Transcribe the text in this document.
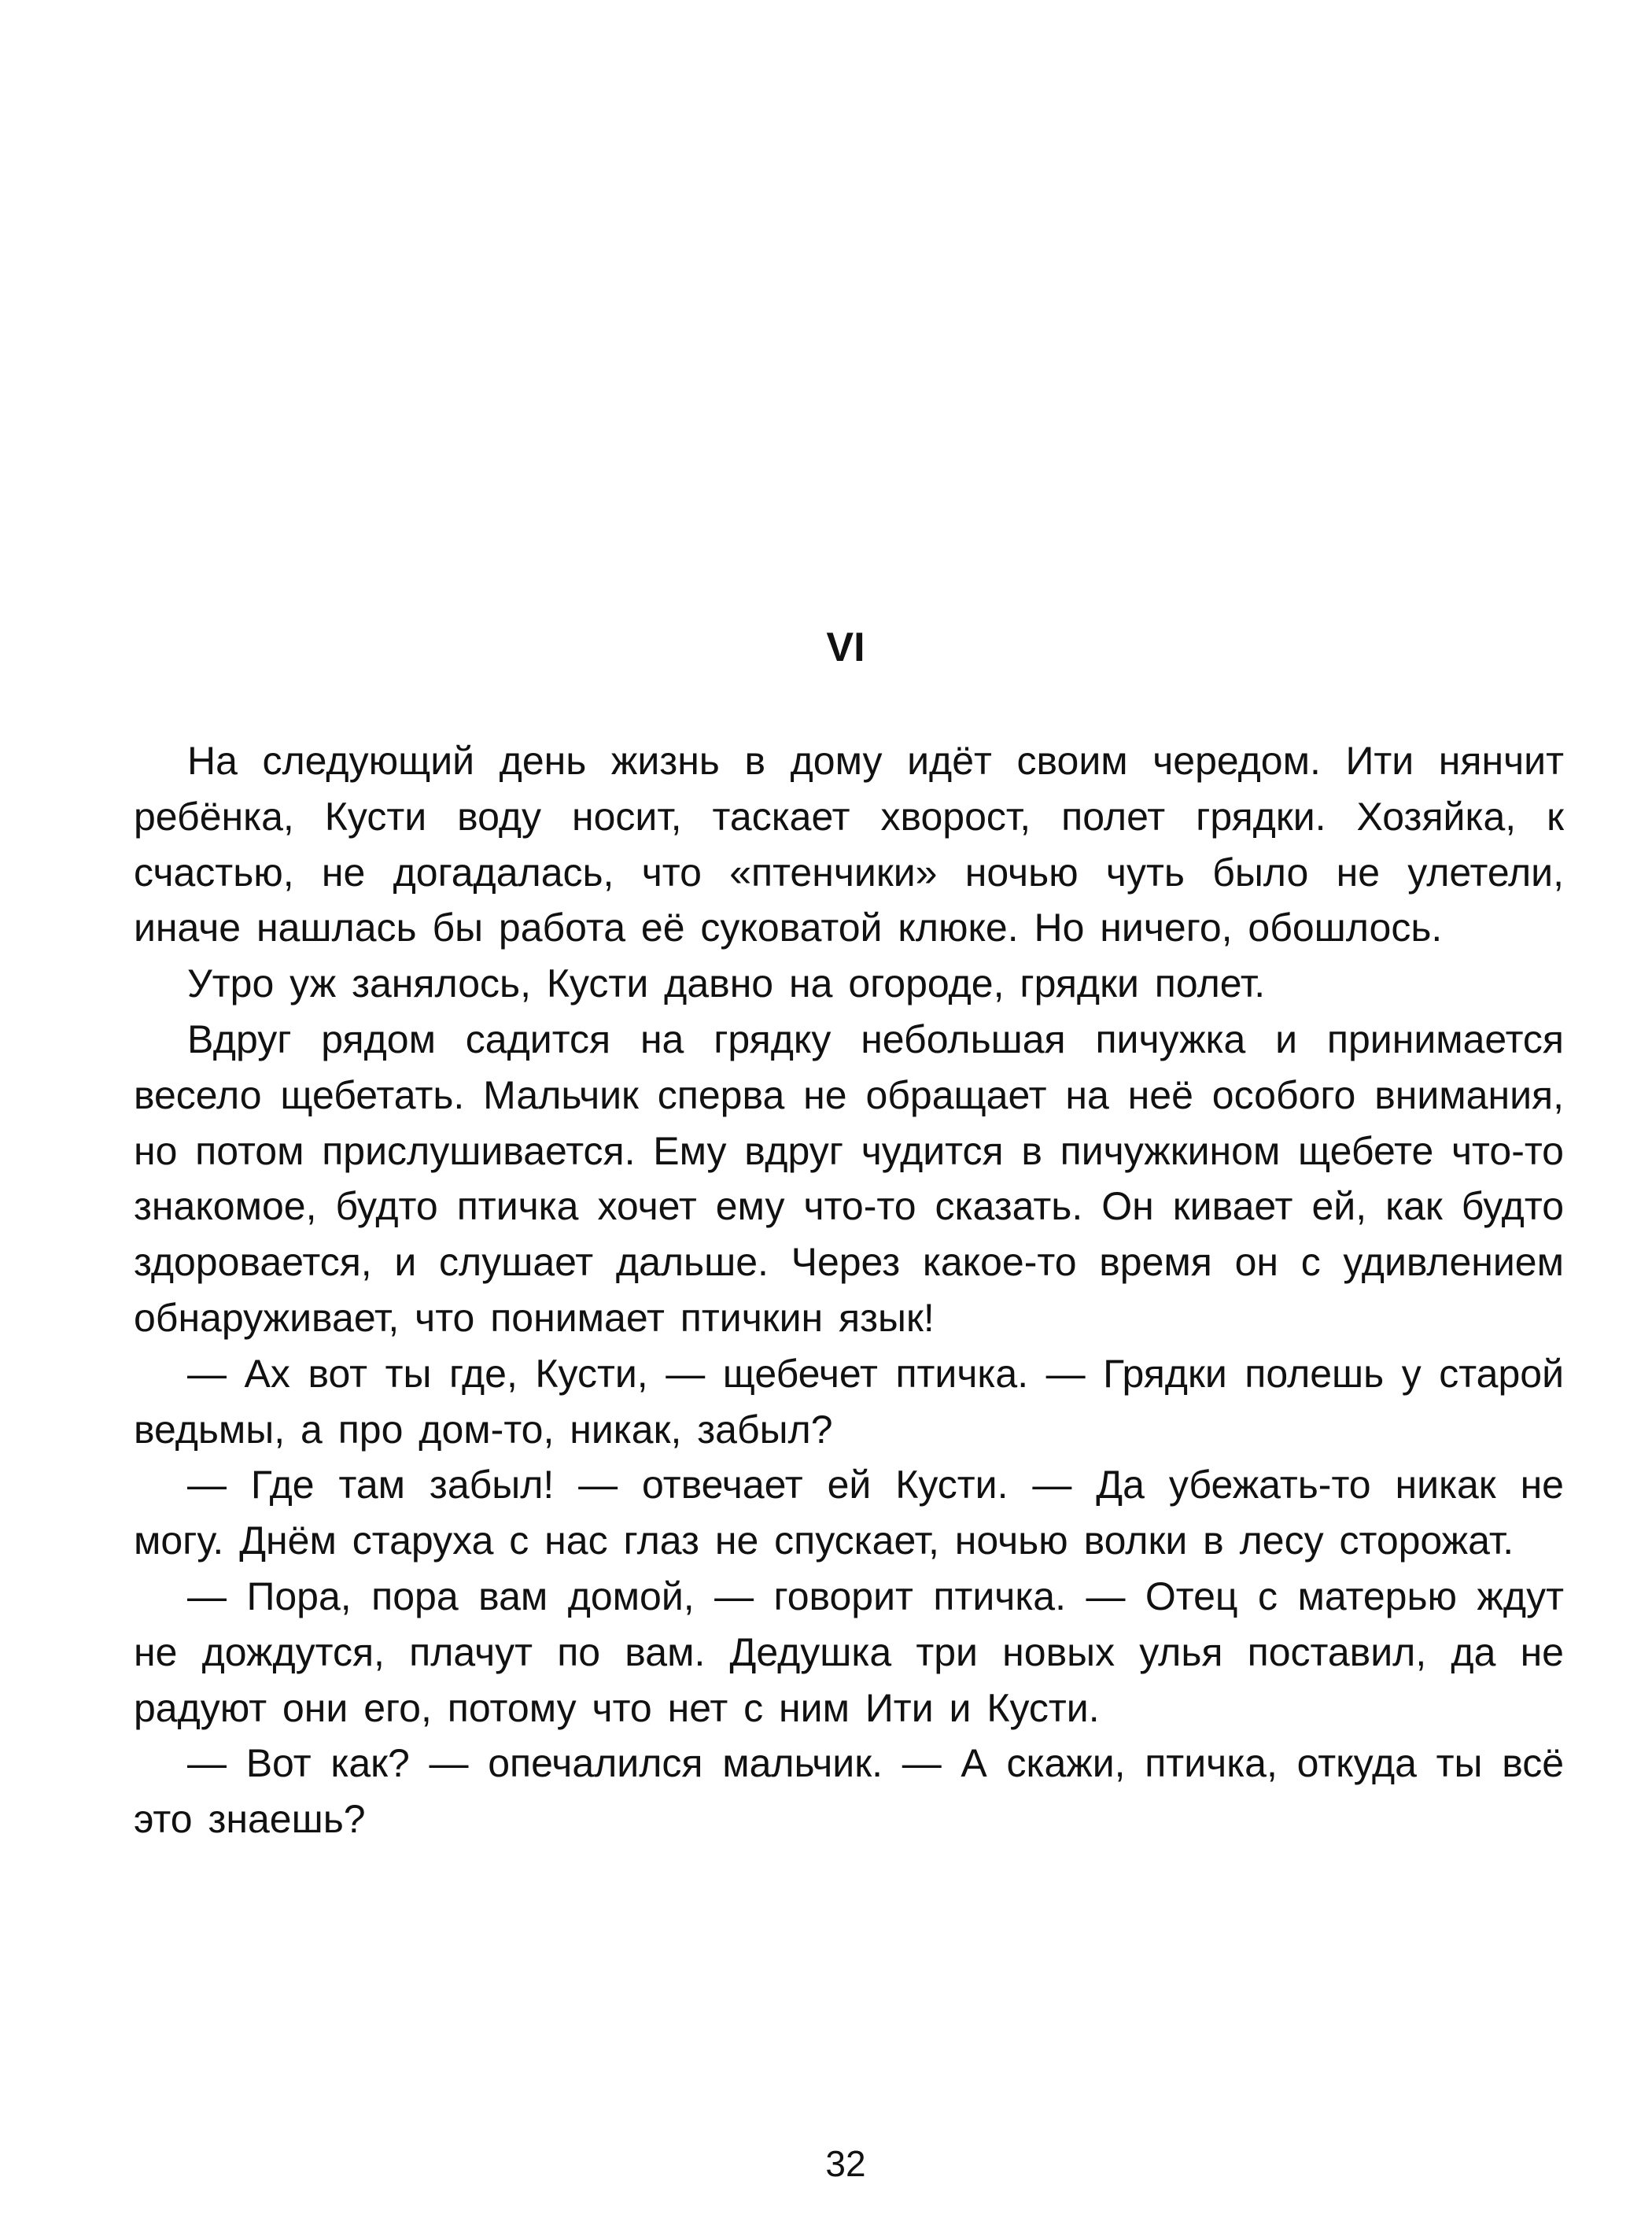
VI

На следующий день жизнь в дому идёт своим чередом. Ити нянчит ребёнка, Кусти воду носит, таскает хворост, полет грядки. Хозяйка, к счастью, не догадалась, что «птенчики» ночью чуть было не улетели, иначе нашлась бы работа её суковатой клюке. Но ничего, обошлось.

Утро уж занялось, Кусти давно на огороде, грядки полет.

Вдруг рядом садится на грядку небольшая пичужка и принимается весело щебетать. Мальчик сперва не обращает на неё особого внимания, но потом прислушивается. Ему вдруг чудится в пичужкином щебете что-то знакомое, будто птичка хочет ему что-то сказать. Он кивает ей, как будто здоровается, и слушает дальше. Через какое-то время он с удивлением обнаруживает, что понимает птичкин язык!

— Ах вот ты где, Кусти, — щебечет птичка. — Грядки полешь у старой ведьмы, а про дом-то, никак, забыл?

— Где там забыл! — отвечает ей Кусти. — Да убежать-то никак не могу. Днём старуха с нас глаз не спускает, ночью волки в лесу сторожат.

— Пора, пора вам домой, — говорит птичка. — Отец с матерью ждут не дождутся, плачут по вам. Дедушка три новых улья поставил, да не радуют они его, потому что нет с ним Ити и Кусти.

— Вот как? — опечалился мальчик. — А скажи, птичка, откуда ты всё это знаешь?

32
